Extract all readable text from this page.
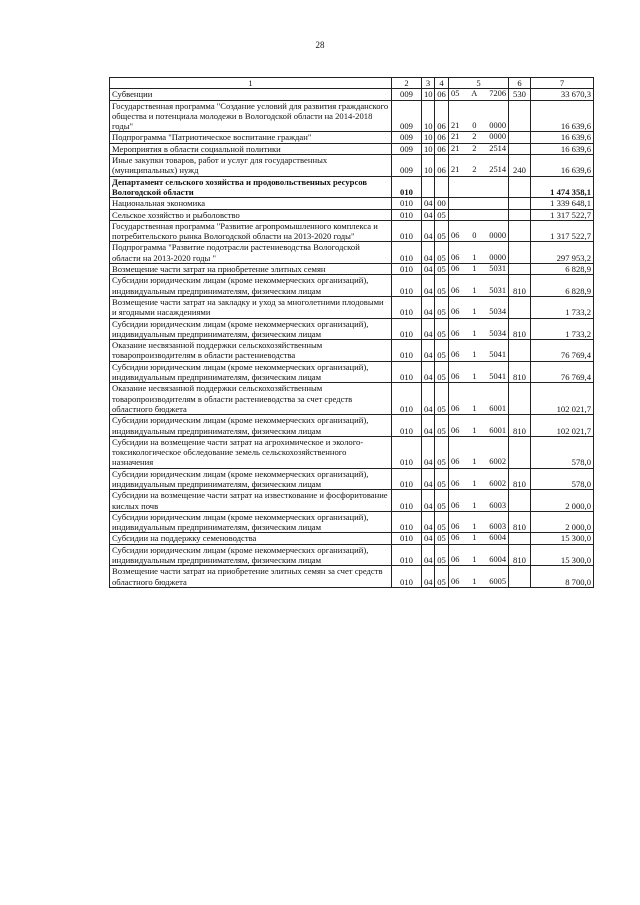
28
1	2	3	4	5	6	7
Субвенции	009	10	06	05 А 7206	530	33 670,3
Государственная программа "Создание условий для развития гражданского общества и потенциала молодежи в Вологодской области на 2014-2018 годы"	009	10	06	21 0 0000		16 639,6
Подпрограмма "Патриотическое воспитание граждан"	009	10	06	21 2 0000		16 639,6
Мероприятия в области социальной политики	009	10	06	21 2 2514		16 639,6
Иные закупки товаров, работ и услуг для государственных (муниципальных) нужд	009	10	06	21 2 2514	240	16 639,6
Департамент сельского хозяйства и продовольственных ресурсов Вологодской области	010					1 474 358,1
Национальная экономика	010	04	00			1 339 648,1
Сельское хозяйство и рыболовство	010	04	05			1 317 522,7
Государственная программа "Развитие агропромышленного комплекса и потребительского рынка Вологодской области на 2013-2020 годы"	010	04	05	06 0 0000		1 317 522,7
Подпрограмма "Развитие подотрасли растениеводства Вологодской области на 2013-2020 годы "	010	04	05	06 1 0000		297 953,2
Возмещение части затрат на приобретение элитных семян	010	04	05	06 1 5031		6 828,9
Субсидии юридическим лицам (кроме некоммерческих организаций), индивидуальным предпринимателям, физическим лицам	010	04	05	06 1 5031	810	6 828,9
Возмещение части затрат на закладку и уход за многолетними плодовыми и ягодными насаждениями	010	04	05	06 1 5034		1 733,2
Субсидии юридическим лицам (кроме некоммерческих организаций), индивидуальным предпринимателям, физическим лицам	010	04	05	06 1 5034	810	1 733,2
Оказание несвязанной поддержки сельскохозяйственным товаропроизводителям в области растениеводства	010	04	05	06 1 5041		76 769,4
Субсидии юридическим лицам (кроме некоммерческих организаций), индивидуальным предпринимателям, физическим лицам	010	04	05	06 1 5041	810	76 769,4
Оказание несвязанной поддержки сельскохозяйственным товаропроизводителям в области растениеводства за счет средств областного бюджета	010	04	05	06 1 6001		102 021,7
Субсидии юридическим лицам (кроме некоммерческих организаций), индивидуальным предпринимателям, физическим лицам	010	04	05	06 1 6001	810	102 021,7
Субсидии на возмещение части затрат на агрохимическое и эколого-токсикологическое обследование земель сельскохозяйственного назначения	010	04	05	06 1 6002		578,0
Субсидии юридическим лицам (кроме некоммерческих организаций), индивидуальным предпринимателям, физическим лицам	010	04	05	06 1 6002	810	578,0
Субсидии на возмещение части затрат на известкование и фосфоритование кислых почв	010	04	05	06 1 6003		2 000,0
Субсидии юридическим лицам (кроме некоммерческих организаций), индивидуальным предпринимателям, физическим лицам	010	04	05	06 1 6003	810	2 000,0
Субсидии на поддержку семеноводства	010	04	05	06 1 6004		15 300,0
Субсидии юридическим лицам (кроме некоммерческих организаций), индивидуальным предпринимателям, физическим лицам	010	04	05	06 1 6004	810	15 300,0
Возмещение части затрат на приобретение элитных семян за счет средств областного бюджета	010	04	05	06 1 6005		8 700,0
